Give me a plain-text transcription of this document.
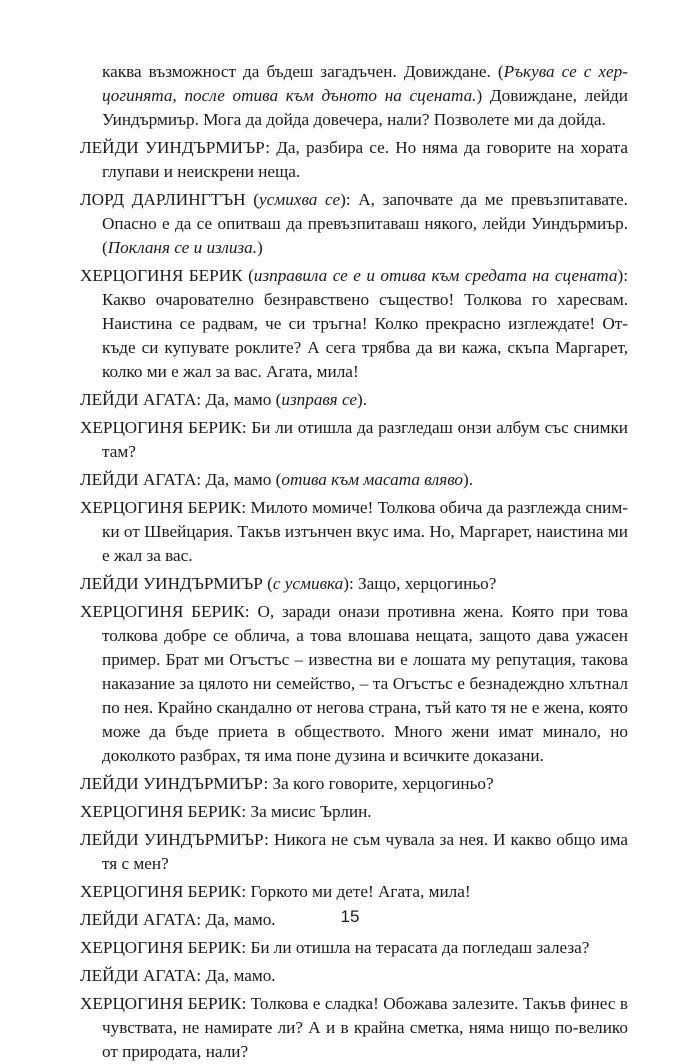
каква възможност да бъдеш загадъчен. Довиждане. (Ръкува се с херцогинята, после отива към дъното на сцената.) Довиждане, лейди Уиндърмиър. Мога да дойда довечера, нали? Позволете ми да дойда.

ЛЕЙДИ УИНДЪРМИЪР: Да, разбира се. Но няма да говорите на хората глупави и неискрени неща.

ЛОРД ДАРЛИНГТЪН (усмихва се): А, започвате да ме превъзпитавате. Опасно е да се опитваш да превъзпитаваш някого, лейди Уиндърмиър. (Покланя се и излиза.)

ХЕРЦОГИНЯ БЕРИК (изправила се е и отива към средата на сцената): Какво очарователно безнравствено същество! Толкова го харесвам. Наистина се радвам, че си тръгна! Колко прекрасно изглеждате! Откъде си купувате роклите? А сега трябва да ви кажа, скъпа Маргарет, колко ми е жал за вас. Агата, мила!

ЛЕЙДИ АГАТА: Да, мамо (изправя се).

ХЕРЦОГИНЯ БЕРИК: Би ли отишла да разгледаш онзи албум със снимки там?

ЛЕЙДИ АГАТА: Да, мамо (отива към масата вляво).

ХЕРЦОГИНЯ БЕРИК: Милото момиче! Толкова обича да разглежда снимки от Швейцария. Такъв изтънчен вкус има. Но, Маргарет, наистина ми е жал за вас.

ЛЕЙДИ УИНДЪРМИЪР (с усмивка): Защо, херцогиньо?

ХЕРЦОГИНЯ БЕРИК: О, заради онази противна жена. Която при това толкова добре се облича, а това влошава нещата, защото дава ужасен пример. Брат ми Огъстъс – известна ви е лошата му репутация, такова наказание за цялото ни семейство, – та Огъстъс е безнадеждно хлътнал по нея. Крайно скандално от негова страна, тъй като тя не е жена, която може да бъде приета в обществото. Много жени имат минало, но доколкото разбрах, тя има поне дузина и всичките доказани.

ЛЕЙДИ УИНДЪРМИЪР: За кого говорите, херцогиньо?

ХЕРЦОГИНЯ БЕРИК: За мисис Ърлин.

ЛЕЙДИ УИНДЪРМИЪР: Никога не съм чувала за нея. И какво общо има тя с мен?

ХЕРЦОГИНЯ БЕРИК: Горкото ми дете! Агата, мила!

ЛЕЙДИ АГАТА: Да, мамо.

ХЕРЦОГИНЯ БЕРИК: Би ли отишла на терасата да погледаш залеза?

ЛЕЙДИ АГАТА: Да, мамо.

ХЕРЦОГИНЯ БЕРИК: Толкова е сладка! Обожава залезите. Такъв финес в чувствата, не намирате ли? А и в крайна сметка, няма нищо по-велико от природата, нали?

15
